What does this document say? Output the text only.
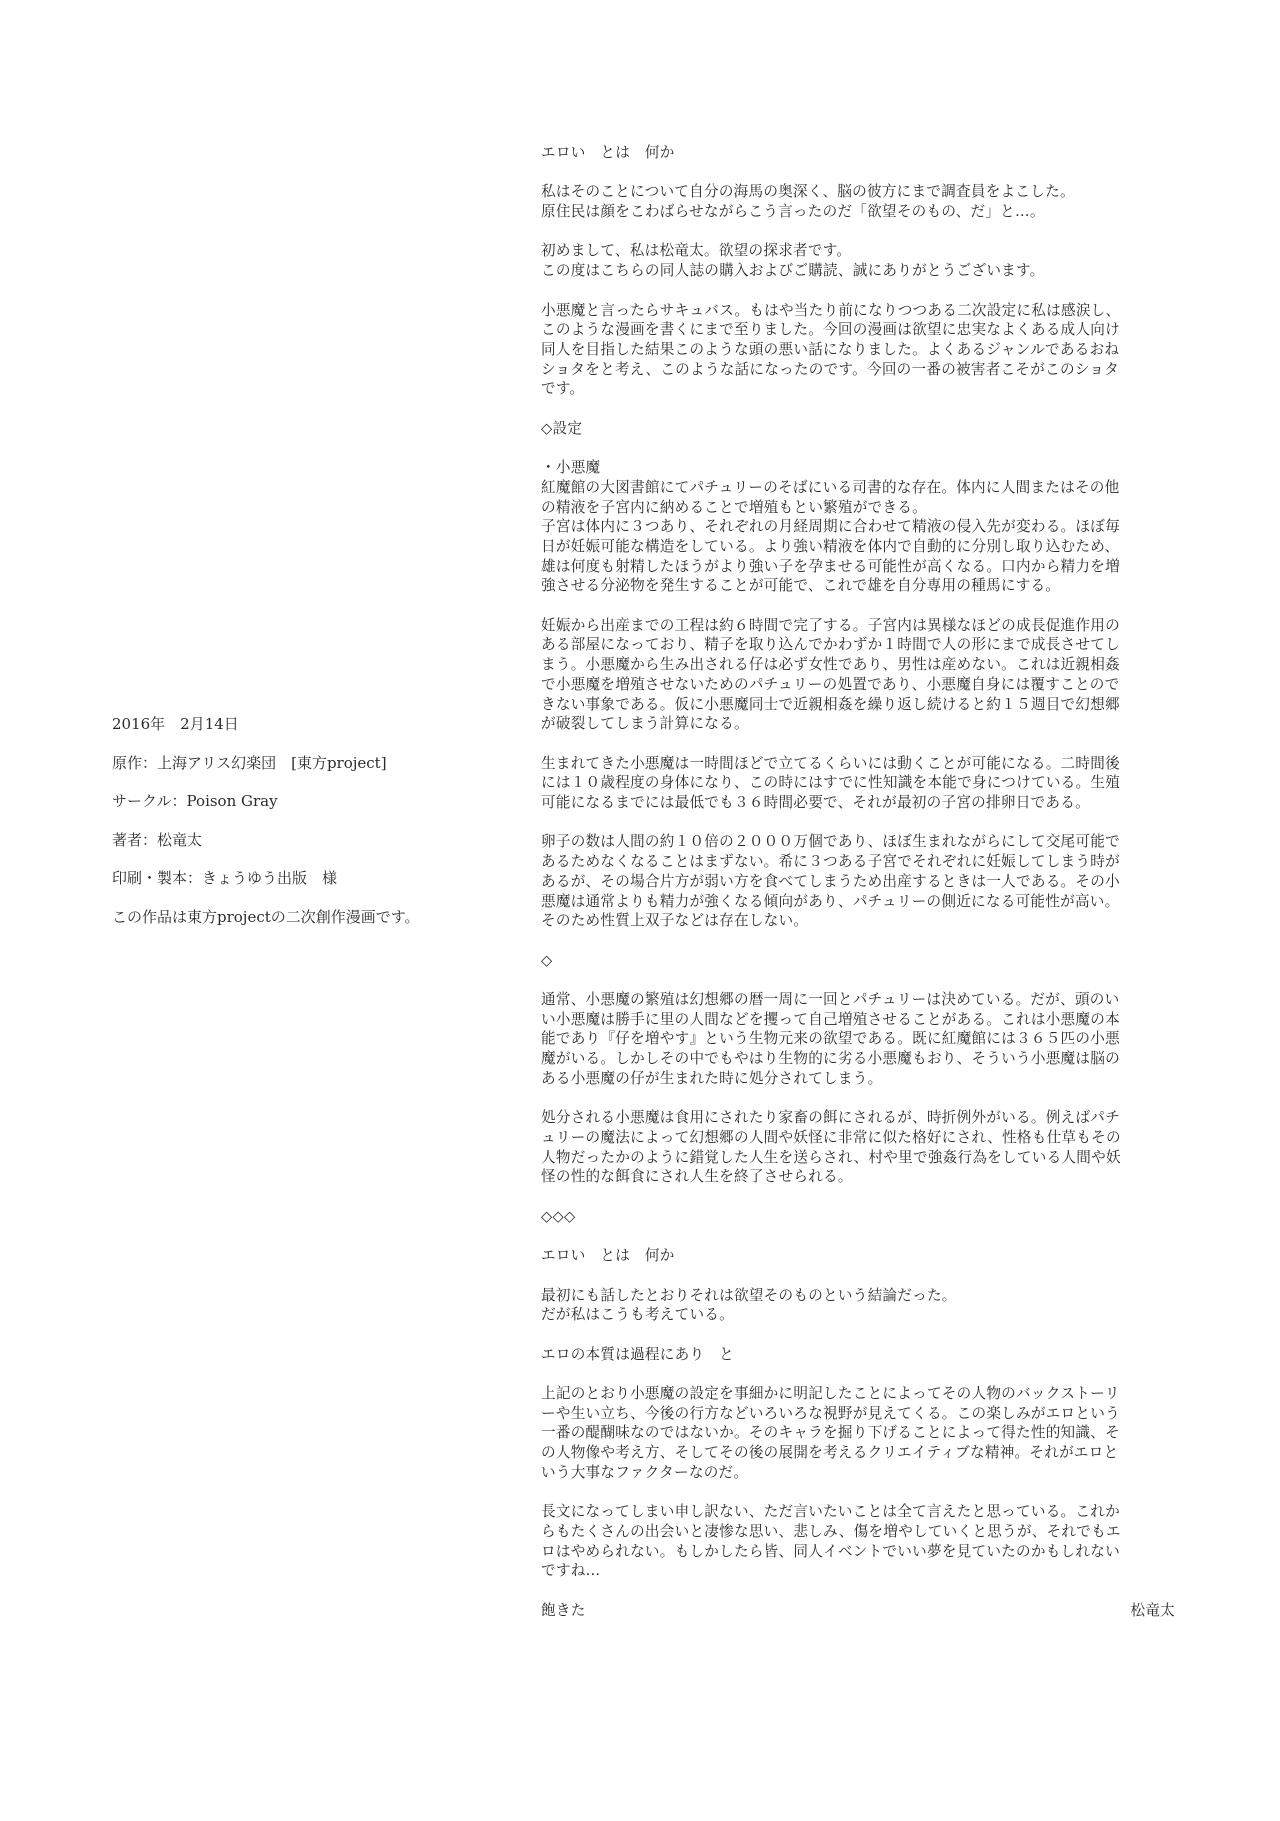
2016年　2月14日
原作：上海アリス幻楽団　[東方project]
サークル：Poison Gray
著者：松竜太
印刷・製本：きょうゆう出版　様
この作品は東方projectの二次創作漫画です。
エロい　とは　何か
私はそのことについて自分の海馬の奥深く、脳の彼方にまで調査員をよこした。
原住民は顔をこわばらせながらこう言ったのだ「欲望そのもの、だ」と…。
初めまして、私は松竜太。欲望の探求者です。
この度はこちらの同人誌の購入およびご購読、誠にありがとうございます。
小悪魔と言ったらサキュバス。もはや当たり前になりつつある二次設定に私は感涙し、
このような漫画を書くにまで至りました。今回の漫画は欲望に忠実なよくある成人向け
同人を目指した結果このような頭の悪い話になりました。よくあるジャンルであるおね
ショタをと考え、このような話になったのです。今回の一番の被害者こそがこのショタ
です。
◇設定
・小悪魔
紅魔館の大図書館にてパチュリーのそばにいる司書的な存在。体内に人間またはその他
の精液を子宮内に納めることで増殖もとい繁殖ができる。
子宮は体内に３つあり、それぞれの月経周期に合わせて精液の侵入先が変わる。ほぼ毎
日が妊娠可能な構造をしている。より強い精液を体内で自動的に分別し取り込むため、
雄は何度も射精したほうがより強い子を孕ませる可能性が高くなる。口内から精力を増
強させる分泌物を発生することが可能で、これで雄を自分専用の種馬にする。
妊娠から出産までの工程は約６時間で完了する。子宮内は異様なほどの成長促進作用の
ある部屋になっており、精子を取り込んでかわずか１時間で人の形にまで成長させてし
まう。小悪魔から生み出される仔は必ず女性であり、男性は産めない。これは近親相姦
で小悪魔を増殖させないためのパチュリーの処置であり、小悪魔自身には覆すことので
きない事象である。仮に小悪魔同士で近親相姦を繰り返し続けると約１５週目で幻想郷
が破裂してしまう計算になる。
生まれてきた小悪魔は一時間ほどで立てるくらいには動くことが可能になる。二時間後
には１０歳程度の身体になり、この時にはすでに性知識を本能で身につけている。生殖
可能になるまでには最低でも３６時間必要で、それが最初の子宮の排卵日である。
卵子の数は人間の約１０倍の２０００万個であり、ほぼ生まれながらにして交尾可能で
あるためなくなることはまずない。希に３つある子宮でそれぞれに妊娠してしまう時が
あるが、その場合片方が弱い方を食べてしまうため出産するときは一人である。その小
悪魔は通常よりも精力が強くなる傾向があり、パチュリーの側近になる可能性が高い。
そのため性質上双子などは存在しない。
◇
通常、小悪魔の繁殖は幻想郷の暦一周に一回とパチュリーは決めている。だが、頭のい
い小悪魔は勝手に里の人間などを攫って自己増殖させることがある。これは小悪魔の本
能であり『仔を増やす』という生物元来の欲望である。既に紅魔館には３６５匹の小悪
魔がいる。しかしその中でもやはり生物的に劣る小悪魔もおり、そういう小悪魔は脳の
ある小悪魔の仔が生まれた時に処分されてしまう。
処分される小悪魔は食用にされたり家畜の餌にされるが、時折例外がいる。例えばパチ
ュリーの魔法によって幻想郷の人間や妖怪に非常に似た格好にされ、性格も仕草もその
人物だったかのように錯覚した人生を送らされ、村や里で強姦行為をしている人間や妖
怪の性的な餌食にされ人生を終了させられる。
◇◇◇
エロい　とは　何か
最初にも話したとおりそれは欲望そのものという結論だった。
だが私はこうも考えている。
エロの本質は過程にあり　と
上記のとおり小悪魔の設定を事細かに明記したことによってその人物のバックストーリ
ーや生い立ち、今後の行方などいろいろな視野が見えてくる。この楽しみがエロという
一番の醍醐味なのではないか。そのキャラを掘り下げることによって得た性的知識、そ
の人物像や考え方、そしてその後の展開を考えるクリエイティブな精神。それがエロと
いう大事なファクターなのだ。
長文になってしまい申し訳ない、ただ言いたいことは全て言えたと思っている。これか
らもたくさんの出会いと凄惨な思い、悲しみ、傷を増やしていくと思うが、それでもエ
ロはやめられない。もしかしたら皆、同人イベントでいい夢を見ていたのかもしれない
ですね…
飽きた	松竜太
